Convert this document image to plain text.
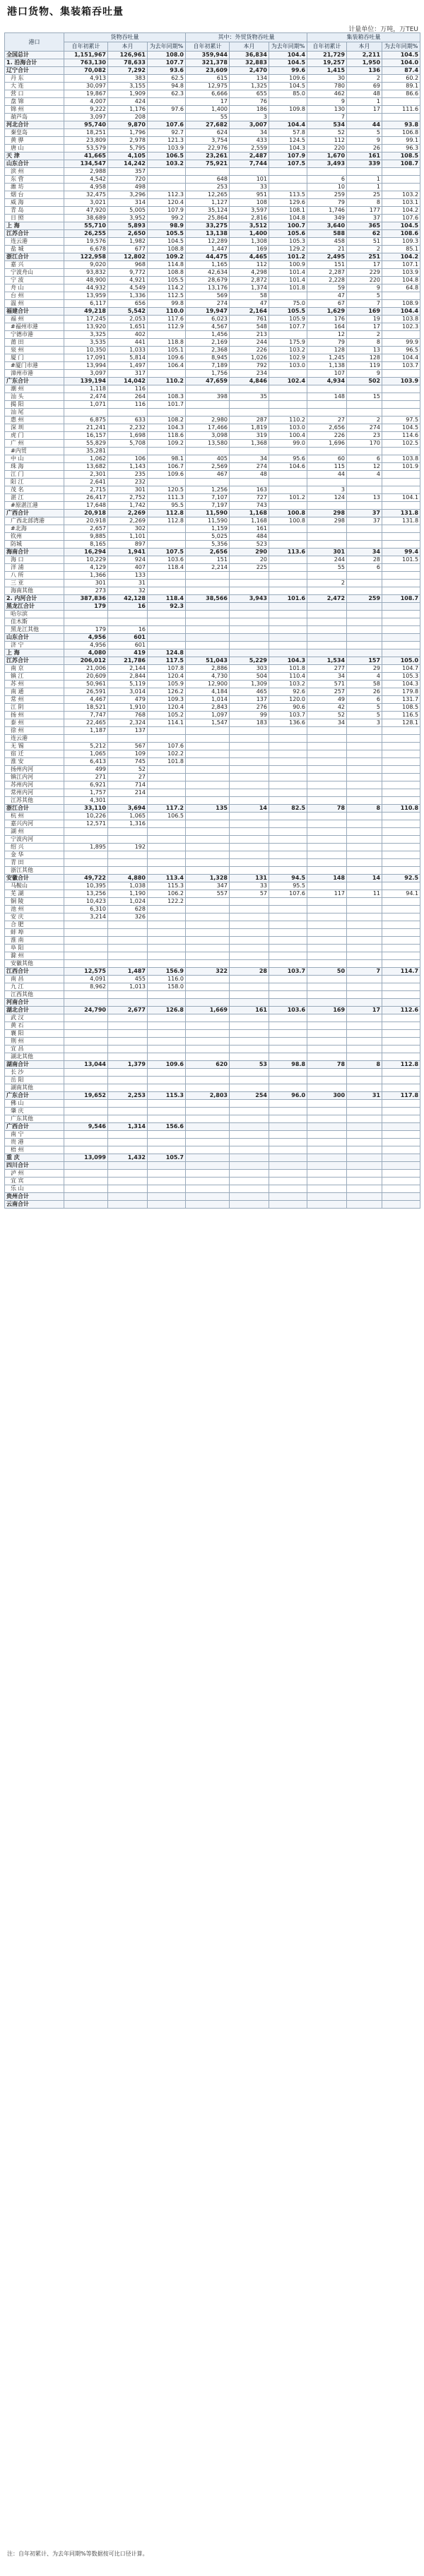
港口货物、集装箱吞吐量
计量单位：万吨，万TEU
港口	货物吞吐量			其中：外贸货物吞吐量			集装箱吞吐量		
	自年初累计	本月	为去年同期%	自年初累计	本月	为去年同期%	自年初累计	本月	为去年同期%
全国总计	1,151,967	126,961	108.0	359,944	36,834	104.4	21,729	2,211	104.5
1. 沿海合计	763,130	78,633	107.7	321,378	32,883	104.5	19,257	1,950	104.0
辽宁合计	70,082	7,292	93.6	23,609	2,470	99.6	1,415	136	87.4
丹 东	4,913	383	62.5	615	134	109.6	30	2	60.2
大 连	30,097	3,155	94.8	12,975	1,325	104.5	780	69	89.1
营 口	19,867	1,909	62.3	6,666	655	85.0	462	48	86.6
盘 锦	4,007	424		17	76		9	1	
锦 州	9,222	1,176	97.6	1,400	186	109.8	130	17	111.6
葫芦岛	3,097	208		55	3		7		
河北合计	95,740	9,870	107.6	27,682	3,007	104.4	534	44	93.8
秦皇岛	18,251	1,796	92.7	624	34	57.8	52	5	106.8
黄 骅	23,809	2,978	121.3	3,754	433	124.5	112	9	99.1
唐 山	53,579	5,795	103.9	22,976	2,559	104.3	220	26	96.3
天 津	41,665	4,105	106.5	23,261	2,487	107.9	1,670	161	108.5
山东合计	134,547	14,242	103.2	75,921	7,744	107.5	3,493	339	108.7
滨 州	2,988	357							
东 营	4,542	720		648	101		6	1	
潍 坊	4,958	498		253	33		10	1	
烟 台	32,475	3,296	112.3	12,265	951	113.5	259	25	103.2
威 海	3,021	314	120.4	1,127	108	129.6	79	8	103.1
青 岛	47,920	5,005	107.9	35,124	3,597	108.1	1,746	177	104.2
日 照	38,689	3,952	99.2	25,864	2,816	104.8	349	37	107.6
上 海	55,710	5,893	98.9	33,275	3,512	100.7	3,640	365	104.5
江苏合计	26,255	2,650	105.5	13,138	1,400	105.6	588	62	108.6
连云港	19,576	1,982	104.5	12,289	1,308	105.3	458	51	109.3
盐 城	6,678	677	108.8	1,447	169	129.2	21	2	85.1
浙江合计	122,958	12,802	109.2	44,475	4,465	101.2	2,495	251	104.2
嘉 兴	9,020	968	114.8	1,165	112	100.9	151	17	107.1
宁波舟山	93,832	9,772	108.8	42,634	4,298	101.4	2,287	229	103.9
宁 波	48,900	4,921	105.5	28,679	2,872	101.4	2,228	220	104.8
舟 山	44,932	4,549	114.2	13,176	1,374	101.8	59	9	64.8
台 州	13,959	1,336	112.5	569	58		47	5	
温 州	6,117	656	99.8	274	47	75.0	67	7	108.9
福建合计	49,218	5,542	110.0	19,947	2,164	105.5	1,629	169	104.4
福 州	17,245	2,053	117.6	6,023	761	105.9	176	19	103.8
#福州市港	13,920	1,651	112.9	4,567	548	107.7	164	17	102.3
宁德市港	3,325	402		1,456	213		12	2	
莆 田	3,535	441	118.8	2,169	244	175.9	79	8	99.9
泉 州	10,350	1,033	105.1	2,368	226	103.2	128	13	96.5
厦 门	17,091	5,814	109.6	8,945	1,026	102.9	1,245	128	104.4
#厦门市港	13,994	1,497	106.4	7,189	792	103.0	1,138	119	103.7
漳州市港	3,097	317		1,756	234		107	9	
广东合计	139,194	14,042	110.2	47,659	4,846	102.4	4,934	502	103.9
潮 州	1,118	116							
汕 头	2,474	264	108.3	398	35		148	15	
揭 阳	1,071	116	101.7						
汕 尾									
惠 州	6,875	633	108.2	2,980	287	110.2	27	2	97.5
深 圳	21,241	2,232	104.3	17,466	1,819	103.0	2,656	274	104.5
虎 门	16,157	1,698	118.6	3,098	319	100.4	226	23	114.6
广 州	55,829	5,708	109.2	13,580	1,368	99.0	1,696	170	102.5
#内贸	35,281								
中 山	1,062	106	98.1	405	34	95.6	60	6	103.8
珠 海	13,682	1,143	106.7	2,569	274	104.6	115	12	101.9
江 门	2,301	235	109.6	467	48		44	4	
阳 江	2,641	232							
茂 名	2,715	301	120.5	1,256	163		3		
湛 江	26,417	2,752	111.3	7,107	727	101.2	124	13	104.1
#原湛江港	17,648	1,742	95.5	7,197	743				
广西合计	20,918	2,269	112.8	11,590	1,168	100.8	298	37	131.8
广西北部湾港	20,918	2,269	112.8	11,590	1,168	100.8	298	37	131.8
#北海	2,657	302		1,159	161				
钦州	9,885	1,101		5,025	484				
防城	8,165	897		5,356	523				
海南合计	16,294	1,941	107.5	2,656	290	113.6	301	34	99.4
海 口	10,229	924	103.6	151	20		244	28	101.5
洋 浦	4,129	407	118.4	2,214	225		55	6	
八 所	1,366	133							
三 亚	301	31					2		
海南其他	273	32							
2. 内河合计	387,836	42,128	118.4	38,566	3,943	101.6	2,472	259	108.7
黑龙江合计	179	16	92.3						
哈尔滨									
佳木斯									
黑龙江其他	179	16							
山东合计	4,956	601							
济 宁	4,956	601							
上 海	4,080	419	124.8						
江苏合计	206,012	21,786	117.5	51,043	5,229	104.3	1,534	157	105.0
南 京	21,006	2,144	107.8	2,886	303	101.8	277	29	104.7
镇 江	20,609	2,844	120.4	4,730	504	110.4	34	4	105.3
苏 州	50,961	5,119	105.9	12,900	1,309	103.2	571	58	104.3
南 通	26,591	3,014	126.2	4,184	465	92.6	257	26	179.8
常 州	4,467	479	109.3	1,014	137	120.0	49	6	131.7
江 阴	18,521	1,910	120.4	2,843	276	90.6	42	5	108.5
扬 州	7,747	768	105.2	1,097	99	103.7	52	5	116.5
泰 州	22,465	2,324	114.1	1,547	183	136.6	34	3	128.1
徐 州	1,187	137							
连云港									
无 锡	5,212	567	107.6						
宿 迁	1,065	109	102.2						
淮 安	6,413	745	101.8						
扬州内河	499	52							
镇江内河	271	27							
苏州内河	6,921	714							
常州内河	1,757	214							
江苏其他	4,301								
浙江合计	33,110	3,694	117.2	135	14	82.5	78	8	110.8
杭 州	10,226	1,065	106.5						
嘉兴内河	12,571	1,316							
湖 州									
宁波内河									
绍 兴	1,895	192							
金 华									
青 田									
浙江其他									
安徽合计	49,722	4,880	113.4	1,328	131	94.5	148	14	92.5
马鞍山	10,395	1,038	115.3	347	33	95.5			
芜 湖	13,256	1,190	106.2	557	57	107.6	117	11	94.1
铜 陵	10,423	1,024	122.2						
池 州	6,310	628							
安 庆	3,214	326							
合 肥									
蚌 埠									
淮 南									
阜 阳									
滁 州									
安徽其他									
江西合计	12,575	1,487	156.9	322	28	103.7	50	7	114.7
南 昌	4,091	455	116.0						
九 江	8,962	1,013	158.0						
江西其他									
河南合计									
湖北合计	24,790	2,677	126.8	1,669	161	103.6	169	17	112.6
武 汉									
黄 石									
襄 阳									
荆 州									
宜 昌									
湖北其他									
湖南合计	13,044	1,379	109.6	620	53	98.8	78	8	112.8
长 沙									
岳 阳									
湖南其他									
广东合计	19,652	2,253	115.3	2,803	254	96.0	300	31	117.8
佛 山									
肇 庆									
广东其他									
广西合计	9,546	1,314	156.6						
南 宁									
贵 港									
梧 州									
重 庆	13,099	1,432	105.7						
四川合计									
泸 州									
宜 宾									
乐 山									
贵州合计									
云南合计									
注：自年初累计、为去年同期%等数据按可比口径计算。
